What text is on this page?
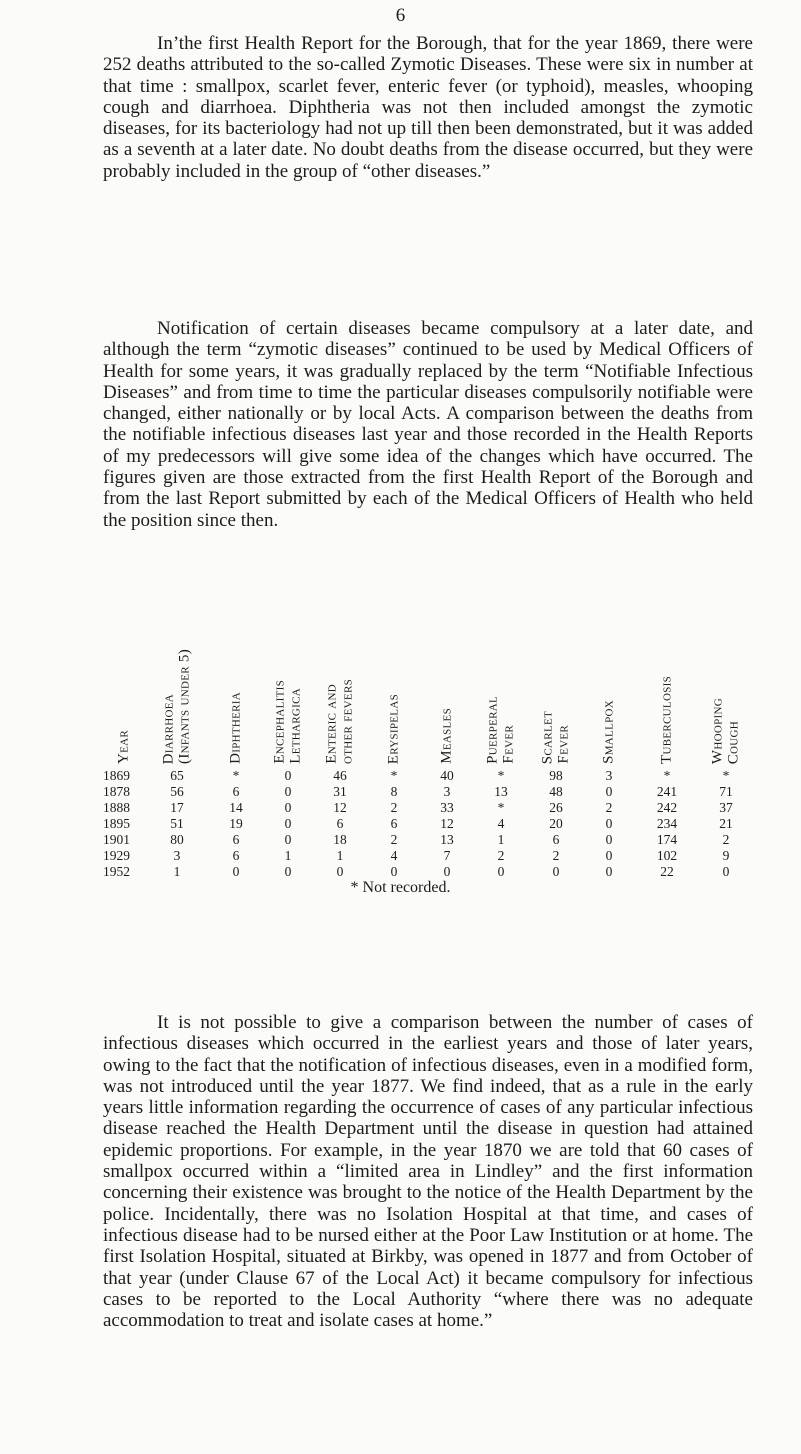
6

In’the first Health Report for the Borough, that for the year 1869, there were 252 deaths attributed to the so-called Zymotic Diseases. These were six in number at that time : smallpox, scarlet fever, enteric fever (or typhoid), measles, whooping cough and diarrhoea. Diphtheria was not then included amongst the zymotic diseases, for its bacteriology had not up till then been demonstrated, but it was added as a seventh at a later date. No doubt deaths from the disease occurred, but they were probably included in the group of “other diseases.”

Notification of certain diseases became compulsory at a later date, and although the term “zymotic diseases” continued to be used by Medical Officers of Health for some years, it was gradually replaced by the term “Notifiable Infectious Diseases” and from time to time the particular diseases compulsorily notifiable were changed, either nationally or by local Acts. A comparison between the deaths from the notifiable infectious diseases last year and those recorded in the Health Reports of my predecessors will give some idea of the changes which have occurred. The figures given are those extracted from the first Health Report of the Borough and from the last Report submitted by each of the Medical Officers of Health who held the position since then.

Year	Diarrhoea (Infants under 5)	Diphtheria	Encephalitis Lethargica	Enteric and other fevers	Erysipelas	Measles	Puerperal Fever	Scarlet Fever	Smallpox	Tuberculosis	Whooping Cough

1869	65	*	0	46	*	40	*	98	3	*	*
1878	56	6	0	31	8	3	13	48	0	241	71
1888	17	14	0	12	2	33	*	26	2	242	37
1895	51	19	0	6	6	12	4	20	0	234	21
1901	80	6	0	18	2	13	1	6	0	174	2
1929	3	6	1	1	4	7	2	2	0	102	9
1952	1	0	0	0	0	0	0	0	0	22	0
* Not recorded.

It is not possible to give a comparison between the number of cases of infectious diseases which occurred in the earliest years and those of later years, owing to the fact that the notification of infectious diseases, even in a modified form, was not introduced until the year 1877. We find indeed, that as a rule in the early years little information regarding the occurrence of cases of any particular infectious disease reached the Health Department until the disease in question had attained epidemic proportions. For example, in the year 1870 we are told that 60 cases of smallpox occurred within a “limited area in Lindley” and the first information concerning their existence was brought to the notice of the Health Department by the police. Incidentally, there was no Isolation Hospital at that time, and cases of infectious disease had to be nursed either at the Poor Law Institution or at home. The first Isolation Hospital, situated at Birkby, was opened in 1877 and from October of that year (under Clause 67 of the Local Act) it became compulsory for infectious cases to be reported to the Local Authority “where there was no adequate accommodation to treat and isolate cases at home.”
